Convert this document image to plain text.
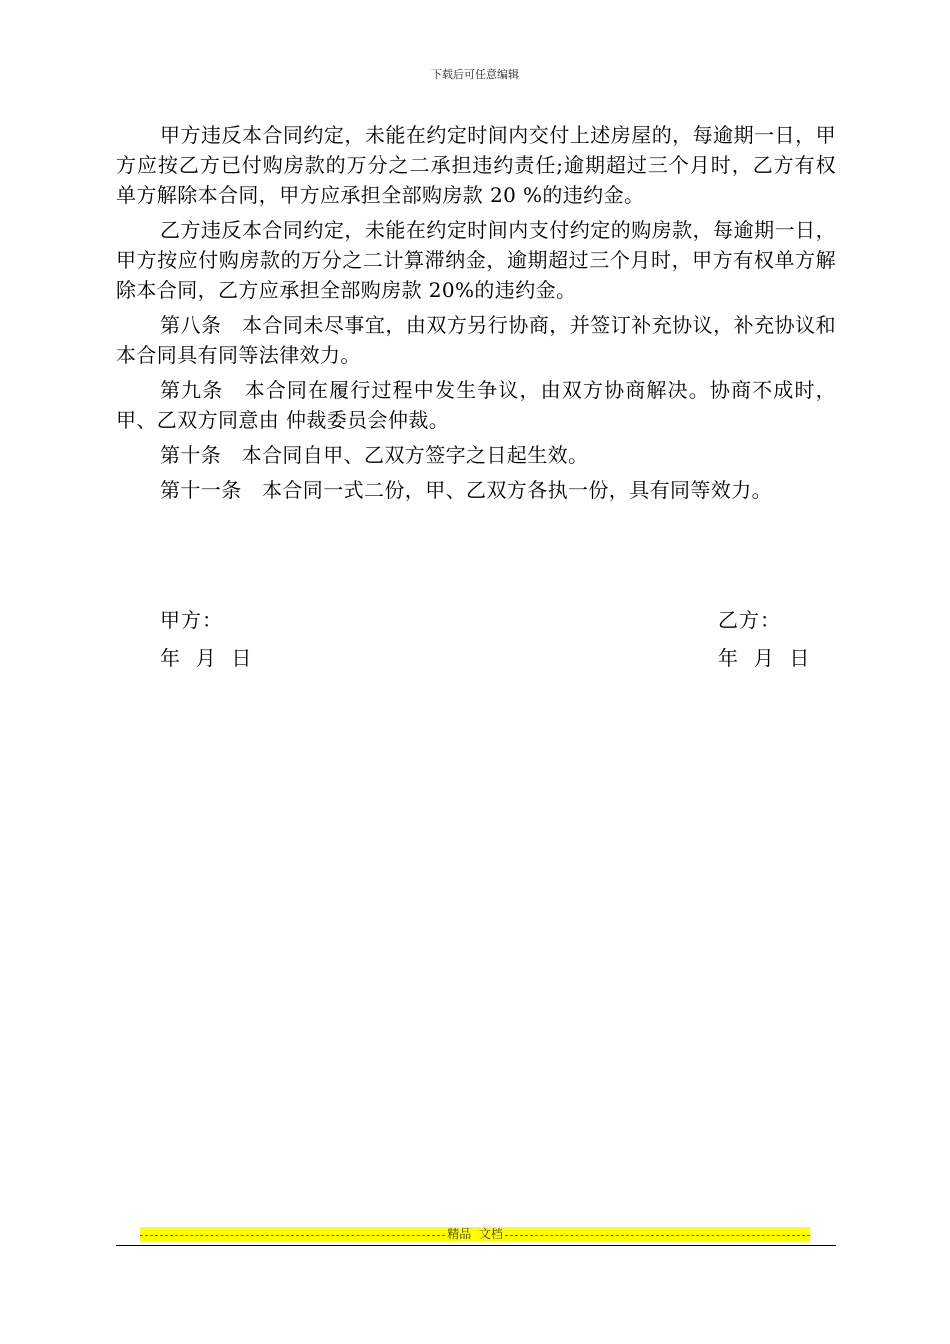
下载后可任意编辑

甲方违反本合同约定，未能在约定时间内交付上述房屋的，每逾期一日，甲方应按乙方已付购房款的万分之二承担违约责任;逾期超过三个月时，乙方有权单方解除本合同，甲方应承担全部购房款 20 %的违约金。

乙方违反本合同约定，未能在约定时间内支付约定的购房款，每逾期一日，甲方按应付购房款的万分之二计算滞纳金，逾期超过三个月时，甲方有权单方解除本合同，乙方应承担全部购房款 20%的违约金。

第八条　本合同未尽事宜，由双方另行协商，并签订补充协议，补充协议和本合同具有同等法律效力。

第九条　本合同在履行过程中发生争议，由双方协商解决。协商不成时，甲、乙双方同意由 仲裁委员会仲裁。

第十条　本合同自甲、乙双方签字之日起生效。

第十一条　本合同一式二份，甲、乙双方各执一份，具有同等效力。

甲方：
年  月  日
乙方：
年  月  日
精品  文档
